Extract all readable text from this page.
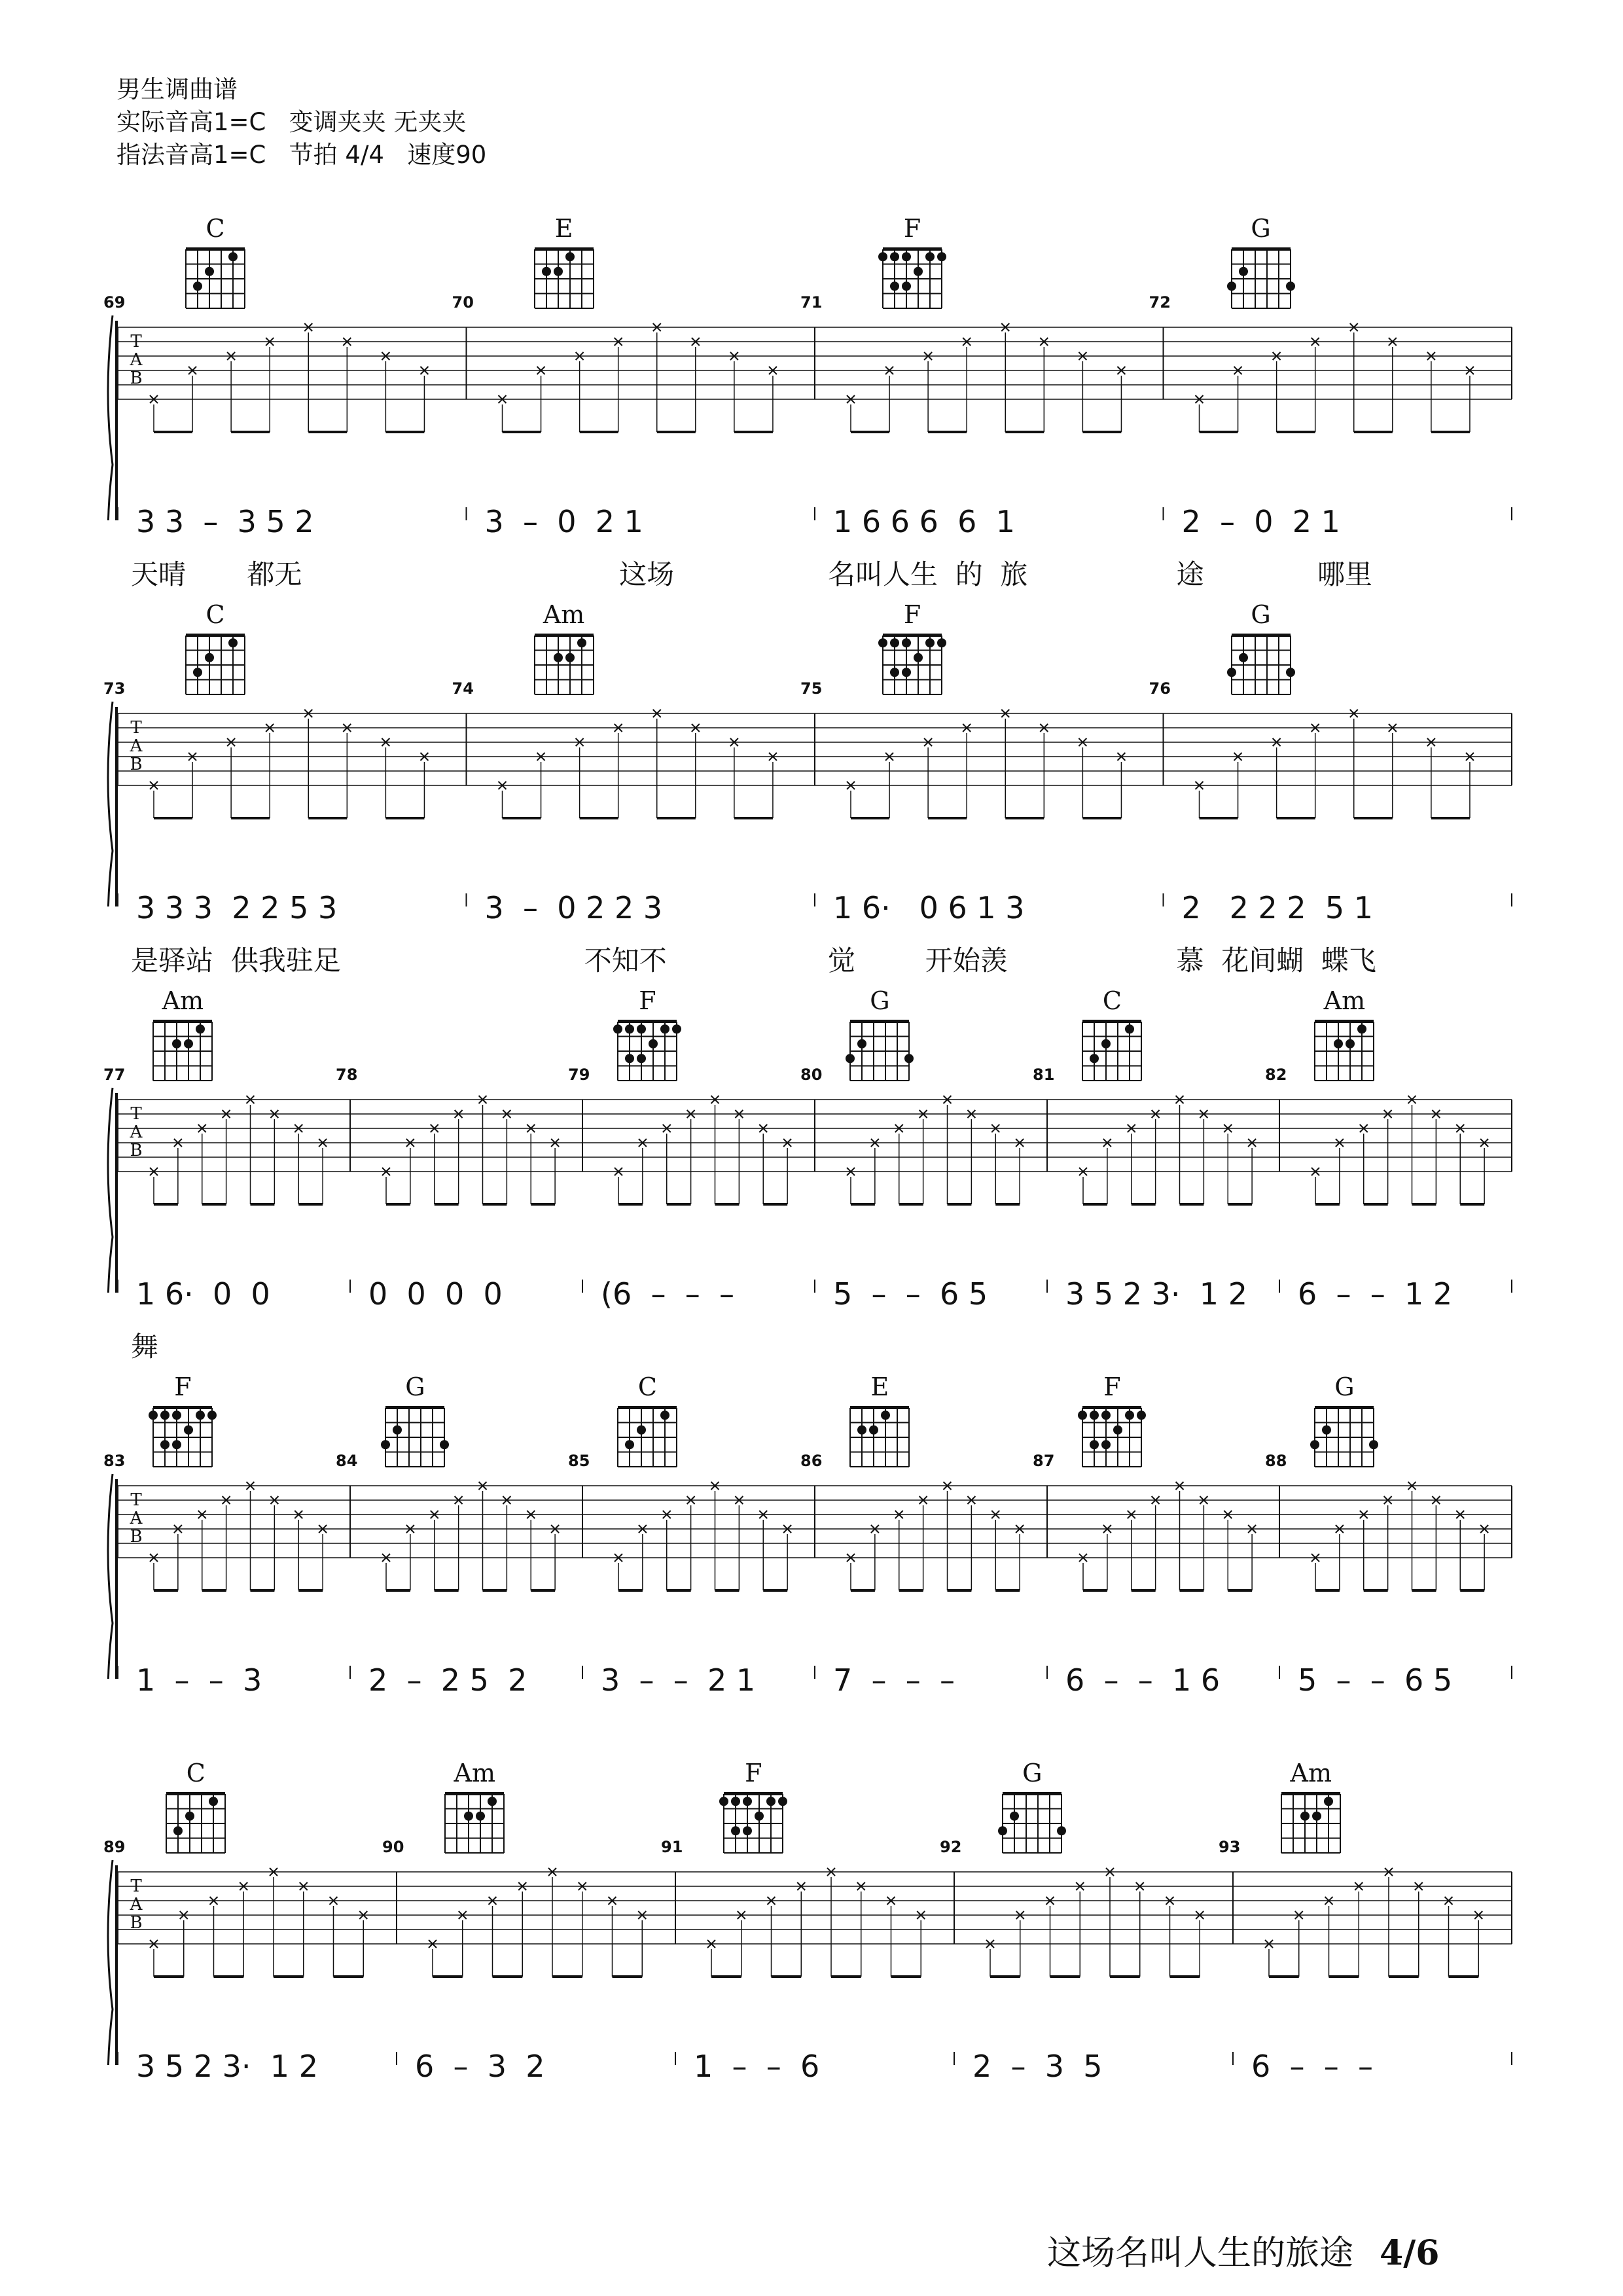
男生调曲谱
实际音高1=C   变调夹夹 无夹夹
指法音高1=C   节拍 4/4   速度90
T
A
B
69
C
3 3  –  3 5 2
天晴       都无
70
E
3  –  0  2 1
这场
71
F
1 6 6 6  6  1
名叫人生  的  旅
72
G
2  –  0  2 1
途             哪里
T
A
B
73
C
3 3 3  2 2 5 3
是驿站  供我驻足
74
Am
3  –  0 2 2 3
不知不
75
F
1 6·   0 6 1 3
觉        开始羡
76
G
2   2 2 2  5 1
慕  花间蝴  蝶飞
T
A
B
77
Am
1 6·  0  0
舞
78
0  0  0  0
79
F
(6  –  –  –
80
G
5  –  –  6 5
81
C
3 5 2 3·  1 2
82
Am
6  –  –  1 2
T
A
B
83
F
1  –  –  3
84
G
2  –  2 5  2
85
C
3  –  –  2 1
86
E
7  –  –  –
87
F
6  –  –  1 6
88
G
5  –  –  6 5
T
A
B
89
C
3 5 2 3·  1 2
90
Am
6  –  3  2
91
F
1  –  –  6
92
G
2  –  3  5
93
Am
6  –  –  –
这场名叫人生的旅途 4/6
